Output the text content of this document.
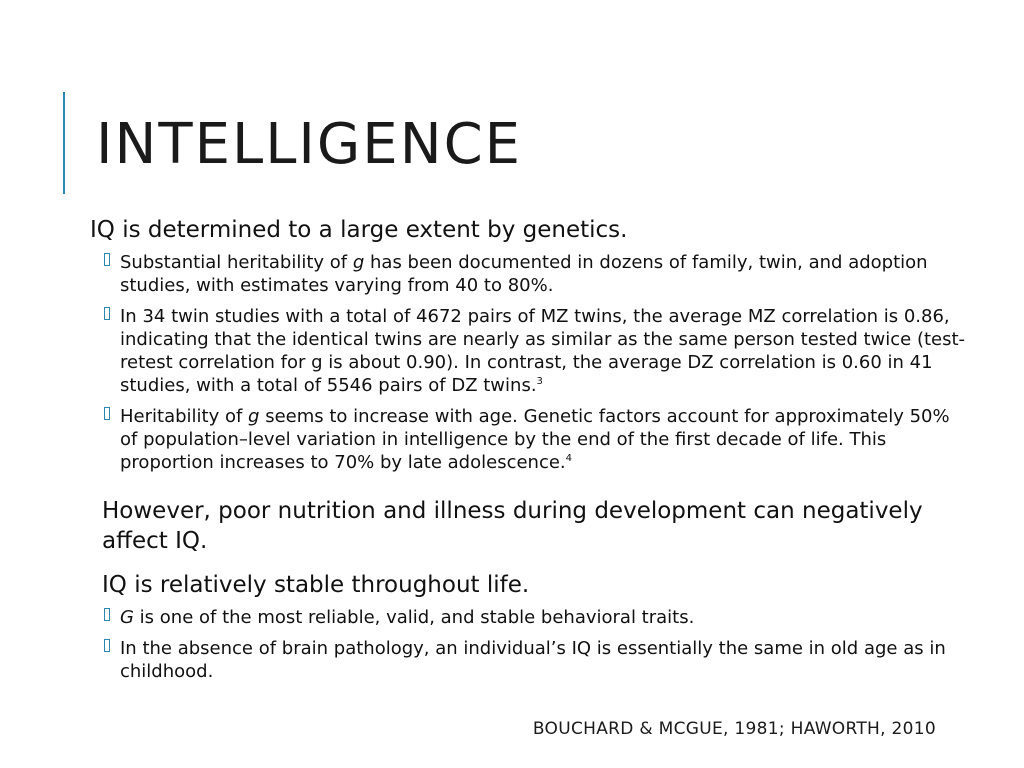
INTELLIGENCE

IQ is determined to a large extent by genetics.

Substantial heritability of g has been documented in dozens of family, twin, and adoption studies, with estimates varying from 40 to 80%.
In 34 twin studies with a total of 4672 pairs of MZ twins, the average MZ correlation is 0.86, indicating that the identical twins are nearly as similar as the same person tested twice (test-retest correlation for g is about 0.90). In contrast, the average DZ correlation is 0.60 in 41 studies, with a total of 5546 pairs of DZ twins.$^3$
Heritability of g seems to increase with age. Genetic factors account for approximately 50% of population–level variation in intelligence by the end of the first decade of life. This proportion increases to 70% by late adolescence.$^4$

However, poor nutrition and illness during development can negatively affect IQ.

IQ is relatively stable throughout life.

G is one of the most reliable, valid, and stable behavioral traits.
In the absence of brain pathology, an individual’s IQ is essentially the same in old age as in childhood.
BOUCHARD & MCGUE, 1981; HAWORTH, 2010
